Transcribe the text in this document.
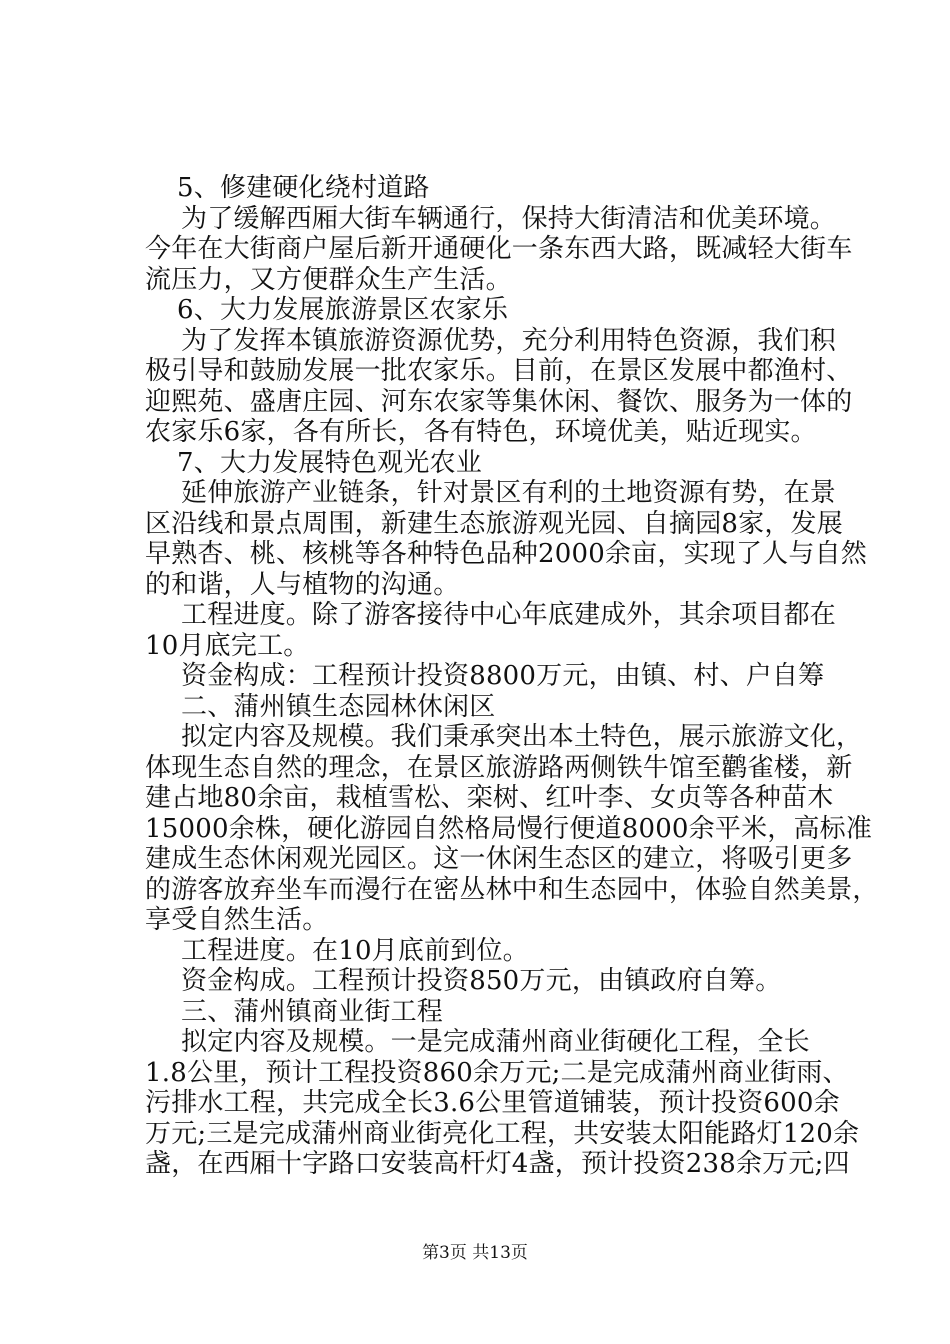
5、修建硬化绕村道路
为了缓解西厢大街车辆通行，保持大街清洁和优美环境。
今年在大街商户屋后新开通硬化一条东西大路，既减轻大街车
流压力，又方便群众生产生活。
6、大力发展旅游景区农家乐
为了发挥本镇旅游资源优势，充分利用特色资源，我们积
极引导和鼓励发展一批农家乐。目前，在景区发展中都渔村、
迎熙苑、盛唐庄园、河东农家等集休闲、餐饮、服务为一体的
农家乐6家，各有所长，各有特色，环境优美，贴近现实。
7、大力发展特色观光农业
延伸旅游产业链条，针对景区有利的土地资源有势，在景
区沿线和景点周围，新建生态旅游观光园、自摘园8家，发展
早熟杏、桃、核桃等各种特色品种2000余亩，实现了人与自然
的和谐，人与植物的沟通。
工程进度。除了游客接待中心年底建成外，其余项目都在
10月底完工。
资金构成：工程预计投资8800万元，由镇、村、户自筹
二、蒲州镇生态园林休闲区
拟定内容及规模。我们秉承突出本土特色，展示旅游文化，
体现生态自然的理念，在景区旅游路两侧铁牛馆至鹳雀楼，新
建占地80余亩，栽植雪松、栾树、红叶李、女贞等各种苗木
15000余株，硬化游园自然格局慢行便道8000余平米，高标准
建成生态休闲观光园区。这一休闲生态区的建立，将吸引更多
的游客放弃坐车而漫行在密丛林中和生态园中，体验自然美景，
享受自然生活。
工程进度。在10月底前到位。
资金构成。工程预计投资850万元，由镇政府自筹。
三、蒲州镇商业街工程
拟定内容及规模。一是完成蒲州商业街硬化工程，全长
1.8公里，预计工程投资860余万元;二是完成蒲州商业街雨、
污排水工程，共完成全长3.6公里管道铺装，预计投资600余
万元;三是完成蒲州商业街亮化工程，共安装太阳能路灯120余
盏，在西厢十字路口安装高杆灯4盏，预计投资238余万元;四
第3页 共13页
